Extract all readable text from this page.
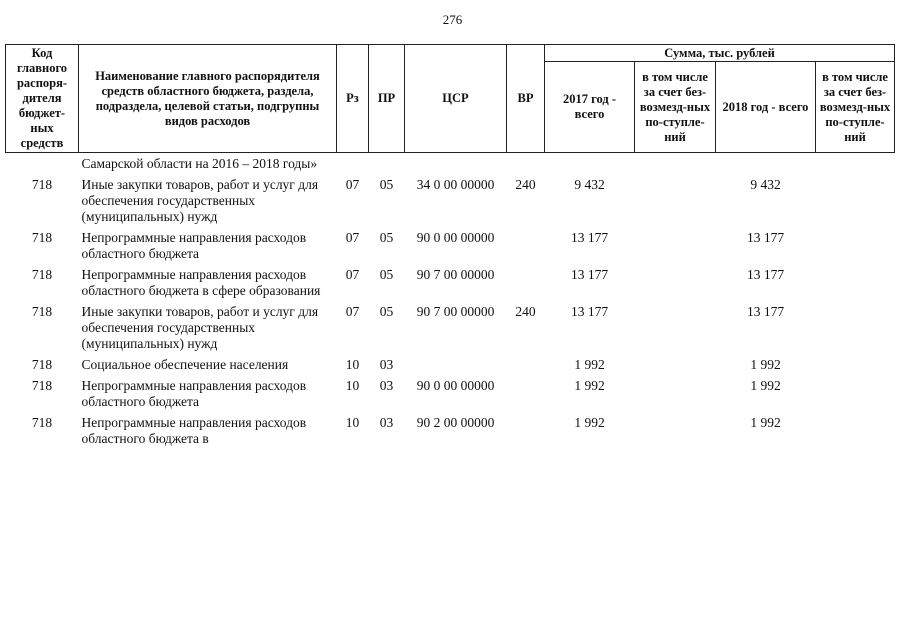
276
Код главного распоря-дителя бюджет-ных средств	Наименование главного распорядителя средств областного бюджета, раздела, подраздела, целевой статьи, подгрупны видов расходов	Рз	ПР	ЦСР	ВР	Сумма, тыс. рублей			
						2017 год - всего	в том числе за счет без-возмезд-ных по-ступле-ний	2018 год - всего	в том числе за счет без-возмезд-ных по-ступле-ний
	Самарской области на 2016 – 2018 годы»								
718	Иные закупки товаров, работ и услуг для обеспечения государственных (муниципальных) нужд	07	05	34 0 00 00000	240	9 432		9 432	
718	Непрограммные направления расходов областного бюджета	07	05	90 0 00 00000		13 177		13 177	
718	Непрограммные направления расходов областного бюджета в сфере образования	07	05	90 7 00 00000		13 177		13 177	
718	Иные закупки товаров, работ и услуг для обеспечения государственных (муниципальных) нужд	07	05	90 7 00 00000	240	13 177		13 177	
718	Социальное обеспечение населения	10	03			1 992		1 992	
718	Непрограммные направления расходов областного бюджета	10	03	90 0 00 00000		1 992		1 992	
718	Непрограммные направления расходов областного бюджета в	10	03	90 2 00 00000		1 992		1 992	
